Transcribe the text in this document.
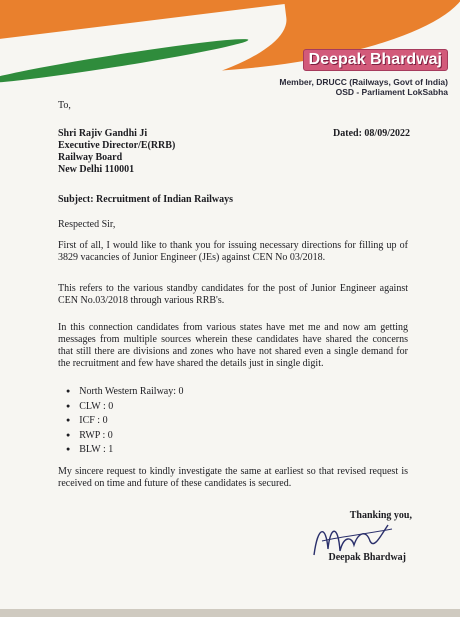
Deepak Bhardwaj
Member, DRUCC (Railways, Govt of India)
OSD - Parliament LokSabha
To,
Shri Rajiv Gandhi Ji
Executive Director/E(RRB)
Railway Board
New Delhi 110001
Dated: 08/09/2022
Subject: Recruitment of Indian Railways
Respected Sir,
First of all, I would like to thank you for issuing necessary directions for filling up of 3829 vacancies of Junior Engineer (JEs) against CEN No 03/2018.
This refers to the various standby candidates for the post of Junior Engineer against CEN No.03/2018 through various RRB's.
In this connection candidates from various states have met me and now am getting messages from multiple sources wherein these candidates have shared the concerns that still there are divisions and zones who have not shared even a single demand for the recruitment and few have shared the details just in single digit.
● North Western Railway: 0
● CLW : 0
● ICF : 0
● RWP : 0
● BLW : 1
My sincere request to kindly investigate the same at earliest so that revised request is received on time and future of these candidates is secured.
Thanking you,
Deepak Bhardwaj
